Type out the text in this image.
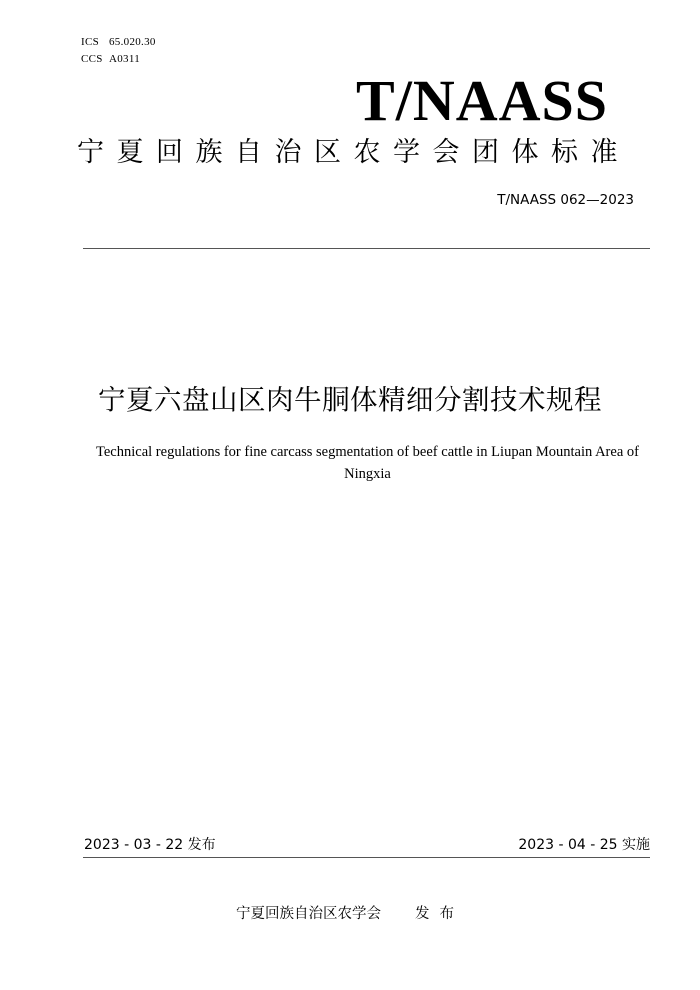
ICS 65.020.30
CCS A0311
T/NAASS
宁夏回族自治区农学会团体标准
T/NAASS 062—2023
宁夏六盘山区肉牛胴体精细分割技术规程
Technical regulations for fine carcass segmentation of beef cattle in Liupan Mountain Area of Ningxia
2023 - 03 - 22 发布	2023 - 04 - 25 实施
宁夏回族自治区农学会 发布
